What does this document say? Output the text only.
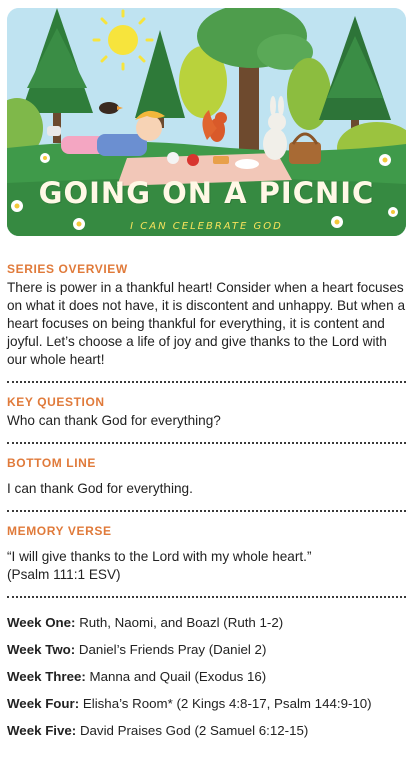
GOING ON A PICNIC
I CAN CELEBRATE GOD

SERIES OVERVIEW

There is power in a thankful heart! Consider when a heart focuses on what it does not have, it is discontent and unhappy. But when a heart focuses on being thankful for everything, it is content and joyful. Let’s choose a life of joy and give thanks to the Lord with our whole heart!

KEY QUESTION

Who can thank God for everything?

BOTTOM LINE

I can thank God for everything.

MEMORY VERSE

“I will give thanks to the Lord with my whole heart.” (Psalm 111:1 ESV)

Week One: Ruth, Naomi, and Boazl (Ruth 1-2)
Week Two: Daniel’s Friends Pray (Daniel 2)
Week Three: Manna and Quail (Exodus 16)
Week Four: Elisha’s Room* (2 Kings 4:8-17, Psalm 144:9-10)
Week Five: David Praises God (2 Samuel 6:12-15)
